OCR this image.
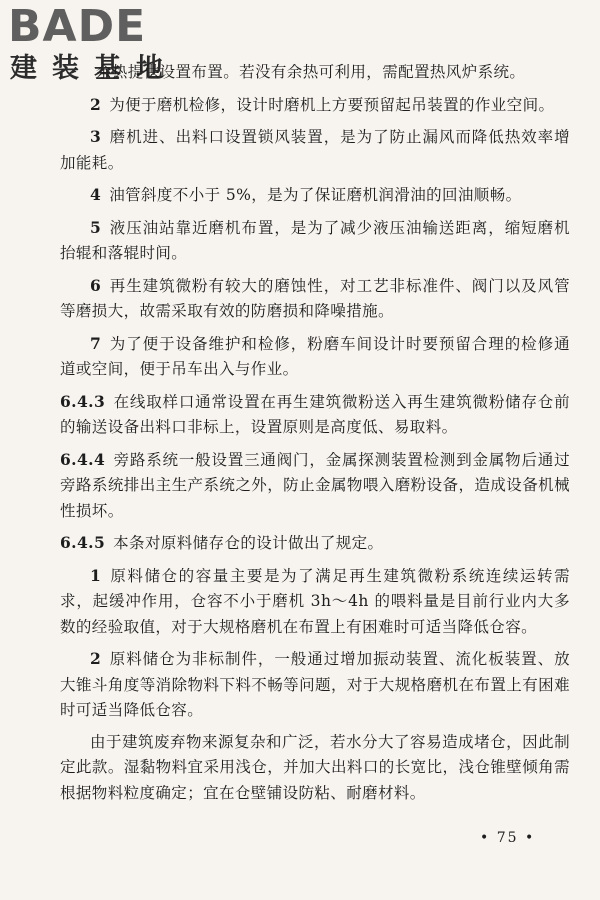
BADE
建装基地

余热提供设置布置。若没有余热可利用，需配置热风炉系统。

2 为便于磨机检修，设计时磨机上方要预留起吊装置的作业空间。

3 磨机进、出料口设置锁风装置，是为了防止漏风而降低热效率增加能耗。

4 油管斜度不小于 5%，是为了保证磨机润滑油的回油顺畅。

5 液压油站靠近磨机布置，是为了减少液压油输送距离，缩短磨机抬辊和落辊时间。

6 再生建筑微粉有较大的磨蚀性，对工艺非标准件、阀门以及风管等磨损大，故需采取有效的防磨损和降噪措施。

7 为了便于设备维护和检修，粉磨车间设计时要预留合理的检修通道或空间，便于吊车出入与作业。

6.4.3 在线取样口通常设置在再生建筑微粉送入再生建筑微粉储存仓前的输送设备出料口非标上，设置原则是高度低、易取料。

6.4.4 旁路系统一般设置三通阀门，金属探测装置检测到金属物后通过旁路系统排出主生产系统之外，防止金属物喂入磨粉设备，造成设备机械性损坏。

6.4.5 本条对原料储存仓的设计做出了规定。

1 原料储仓的容量主要是为了满足再生建筑微粉系统连续运转需求，起缓冲作用，仓容不小于磨机 3h～4h 的喂料量是目前行业内大多数的经验取值，对于大规格磨机在布置上有困难时可适当降低仓容。

2 原料储仓为非标制件，一般通过增加振动装置、流化板装置、放大锥斗角度等消除物料下料不畅等问题，对于大规格磨机在布置上有困难时可适当降低仓容。

由于建筑废弃物来源复杂和广泛，若水分大了容易造成堵仓，因此制定此款。湿黏物料宜采用浅仓，并加大出料口的长宽比，浅仓锥壁倾角需根据物料粒度确定；宜在仓壁铺设防粘、耐磨材料。

• 75 •
